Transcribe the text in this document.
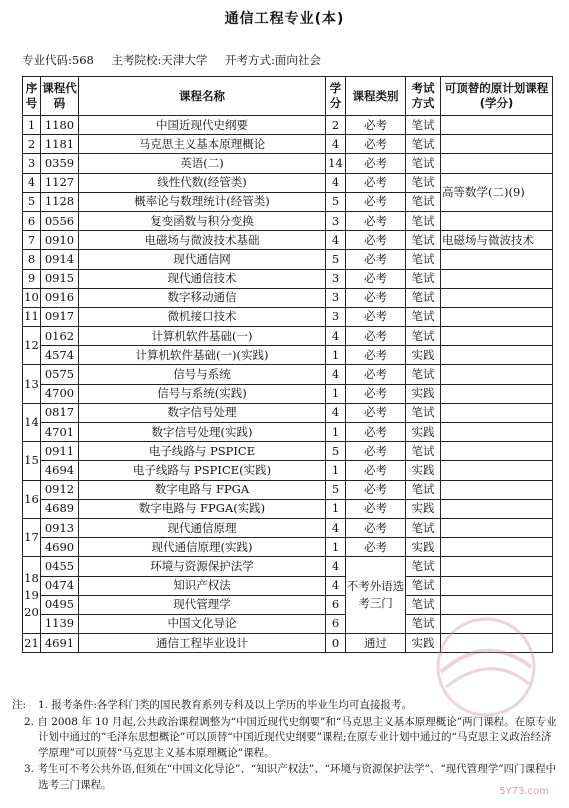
通信工程专业(本)
专业代码:568 主考院校:天津大学 开考方式:面向社会
序号	课程代码	课程名称	学分	课程类别	考试方式	可顶替的原计划课程(学分)
1	1180	中国近现代史纲要	2	必考	笔试	
2	1181	马克思主义基本原理概论	4	必考	笔试	
3	0359	英语(二)	14	必考	笔试	
4	1127	线性代数(经管类)	4	必考	笔试	高等数学(二)(9)
5	1128	概率论与数理统计(经管类)	5	必考	笔试	
6	0556	复变函数与积分变换	3	必考	笔试	
7	0910	电磁场与微波技术基础	4	必考	笔试	电磁场与微波技术
8	0914	现代通信网	5	必考	笔试	
9	0915	现代通信技术	3	必考	笔试	
10	0916	数字移动通信	3	必考	笔试	
11	0917	微机接口技术	3	必考	笔试	
12	0162	计算机软件基础(一)	4	必考	笔试	
	4574	计算机软件基础(一)(实践)	1	必考	实践	
13	0575	信号与系统	4	必考	笔试	
	4700	信号与系统(实践)	1	必考	实践	
14	0817	数字信号处理	4	必考	笔试	
	4701	数字信号处理(实践)	1	必考	实践	
15	0911	电子线路与 PSPICE	5	必考	笔试	
	4694	电子线路与 PSPICE(实践)	1	必考	实践	
16	0912	数字电路与 FPGA	5	必考	笔试	
	4689	数字电路与 FPGA(实践)	1	必考	实践	
17	0913	现代通信原理	4	必考	笔试	
	4690	现代通信原理(实践)	1	必考	实践	
18 19 20	0455	环境与资源保护法学	4	不考外语选考三门	笔试	
	0474	知识产权法	4		笔试	
	0495	现代管理学	6		笔试	
	1139	中国文化导论	6		笔试	
21	4691	通信工程毕业设计	0	通过	实践	

注: 1. 报考条件:各学科门类的国民教育系列专科及以上学历的毕业生均可直接报考。

2. 自 2008 年 10 月起,公共政治课程调整为“中国近现代史纲要”和“马克思主义基本原理概论”两门课程。在原专业计划中通过的“毛泽东思想概论”可以顶替“中国近现代史纲要”课程;在原专业计划中通过的“马克思主义政治经济学原理”可以顶替“马克思主义基本原理概论”课程。

3. 考生可不考公共外语,但须在“中国文化导论”、“知识产权法”、“环境与资源保护法学”、“现代管理学”四门课程中选考三门课程。

5Y73.com
